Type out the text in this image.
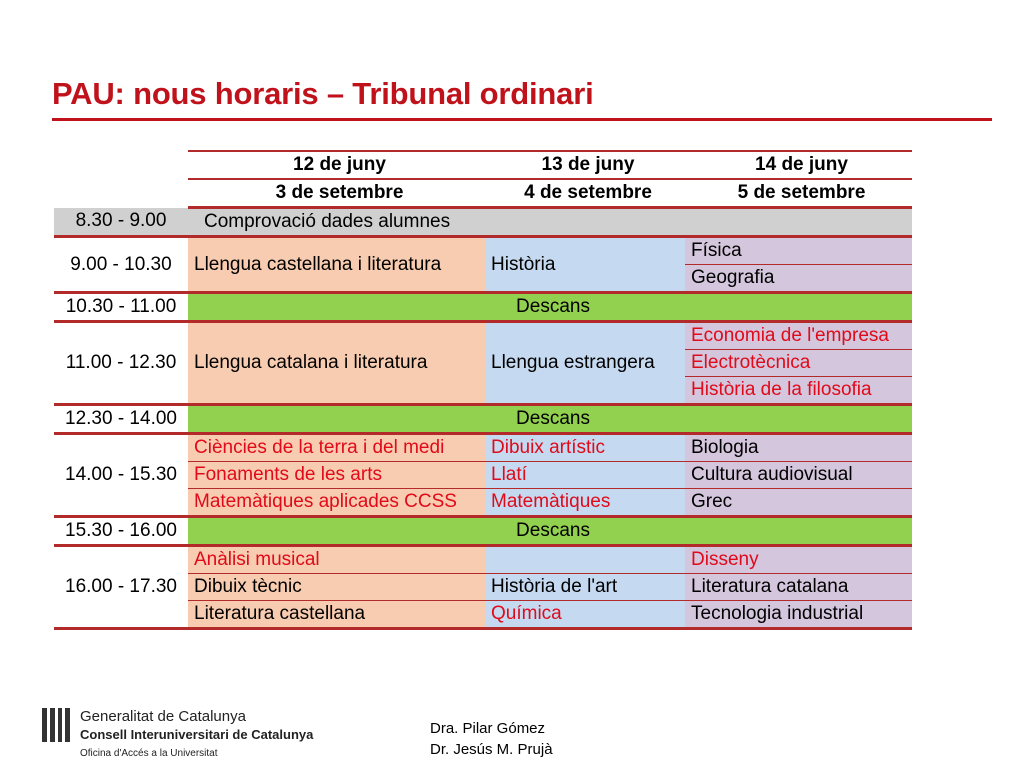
PAU: nous horaris – Tribunal ordinari
	12 de juny	13 de juny	14 de juny
	3 de setembre	4 de setembre	5 de setembre
8.30 - 9.00	Comprovació dades alumnes		
9.00 - 10.30	Llengua castellana i literatura	Història	Física
			Geografia
10.30 - 11.00	Descans		
11.00 - 12.30	Llengua catalana i literatura	Llengua estrangera	Economia de l'empresa
			Electrotècnica
			Història de la filosofia
12.30 - 14.00	Descans		
14.00 - 15.30	Ciències de la terra i del medi	Dibuix artístic	Biologia
	Fonaments de les arts	Llatí	Cultura audiovisual
	Matemàtiques aplicades CCSS	Matemàtiques	Grec
15.30 - 16.00	Descans		
16.00 - 17.30	Anàlisi musical		Disseny
	Dibuix tècnic	Història de l'art	Literatura catalana
	Literatura castellana	Química	Tecnologia industrial
Generalitat de Catalunya
Consell Interuniversitari de Catalunya
Oficina d'Accés a la Universitat
Dra. Pilar Gómez
Dr. Jesús M. Prujà
